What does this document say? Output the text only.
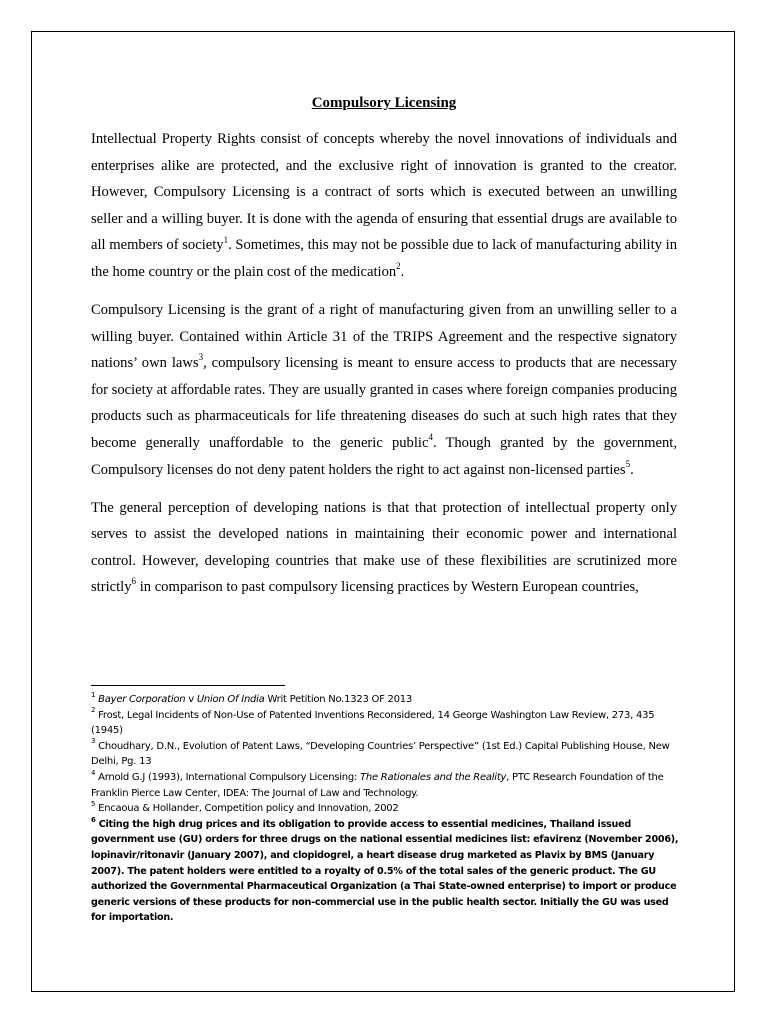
Compulsory Licensing

Intellectual Property Rights consist of concepts whereby the novel innovations of individuals and enterprises alike are protected, and the exclusive right of innovation is granted to the creator. However, Compulsory Licensing is a contract of sorts which is executed between an unwilling seller and a willing buyer. It is done with the agenda of ensuring that essential drugs are available to all members of society$^1$. Sometimes, this may not be possible due to lack of manufacturing ability in the home country or the plain cost of the medication$^2$.

Compulsory Licensing is the grant of a right of manufacturing given from an unwilling seller to a willing buyer. Contained within Article 31 of the TRIPS Agreement and the respective signatory nations’ own laws$^3$, compulsory licensing is meant to ensure access to products that are necessary for society at affordable rates. They are usually granted in cases where foreign companies producing products such as pharmaceuticals for life threatening diseases do such at such high rates that they become generally unaffordable to the generic public$^4$. Though granted by the government, Compulsory licenses do not deny patent holders the right to act against non-licensed parties$^5$.

The general perception of developing nations is that that protection of intellectual property only serves to assist the developed nations in maintaining their economic power and international control. However, developing countries that make use of these flexibilities are scrutinized more strictly$^6$ in comparison to past compulsory licensing practices by Western European countries,

$^1$ Bayer Corporation v Union Of India Writ Petition No.1323 OF 2013

$^2$ Frost, Legal Incidents of Non-Use of Patented Inventions Reconsidered, 14 George Washington Law Review, 273, 435 (1945)

$^3$ Choudhary, D.N., Evolution of Patent Laws, “Developing Countries’ Perspective” (1st Ed.) Capital Publishing House, New Delhi, Pg. 13

$^4$ Arnold G.J (1993), International Compulsory Licensing: The Rationales and the Reality, PTC Research Foundation of the Franklin Pierce Law Center, IDEA: The Journal of Law and Technology.

$^5$ Encaoua & Hollander, Competition policy and Innovation, 2002

$^6$ Citing the high drug prices and its obligation to provide access to essential medicines, Thailand issued government use (GU) orders for three drugs on the national essential medicines list: efavirenz (November 2006), lopinavir/ritonavir (January 2007), and clopidogrel, a heart disease drug marketed as Plavix by BMS (January 2007). The patent holders were entitled to a royalty of 0.5% of the total sales of the generic product. The GU authorized the Governmental Pharmaceutical Organization (a Thai State-owned enterprise) to import or produce generic versions of these products for non-commercial use in the public health sector. Initially the GU was used for importation.
